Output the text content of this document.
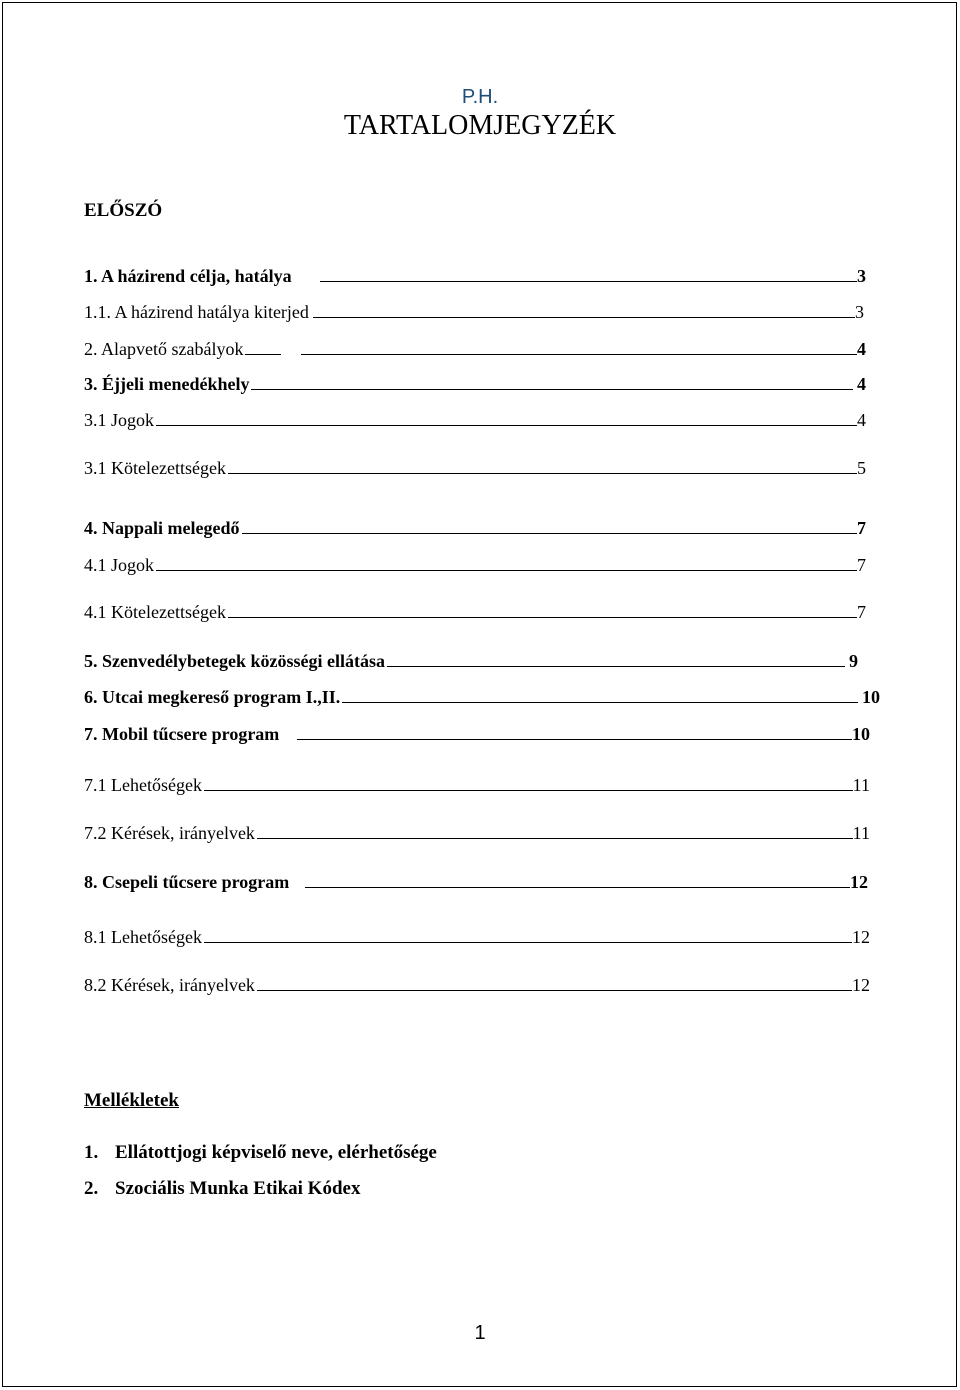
P.H.
TARTALOMJEGYZÉK
ELŐSZÓ
1. A házirend célja, hatálya	3
1.1. A házirend hatálya kiterjed	3
2. Alapvető szabályok	4
3. Éjjeli menedékhely	4
3.1 Jogok	4
3.1 Kötelezettségek	5
4. Nappali melegedő	7
4.1 Jogok	7
4.1 Kötelezettségek	7
5. Szenvedélybetegek közösségi ellátása	9
6. Utcai megkereső program I.,II.	10
7. Mobil tűcsere program	10
7.1 Lehetőségek	11
7.2 Kérések, irányelvek	11
8. Csepeli tűcsere program	12
8.1 Lehetőségek	12
8.2 Kérések, irányelvek	12
Mellékletek
1. Ellátottjogi képviselő neve, elérhetősége
2. Szociális Munka Etikai Kódex
1
